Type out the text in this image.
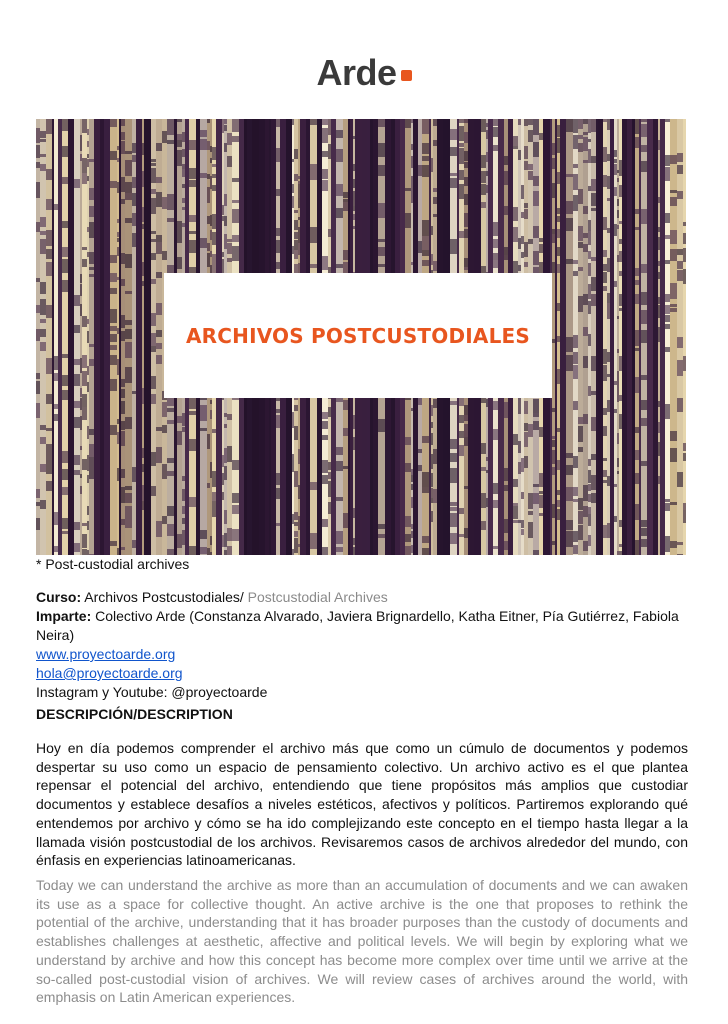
Arde
ARCHIVOS POSTCUSTODIALES
* Post-custodial archives

Curso: Archivos Postcustodiales/ Postcustodial Archives

Imparte: Colectivo Arde (Constanza Alvarado, Javiera Brignardello, Katha Eitner, Pía Gutiérrez, Fabiola Neira)

www.proyectoarde.org

hola@proyectoarde.org

Instagram y Youtube: @proyectoarde

DESCRIPCIÓN/DESCRIPTION

Hoy en día podemos comprender el archivo más que como un cúmulo de documentos y podemos despertar su uso como un espacio de pensamiento colectivo. Un archivo activo es el que plantea repensar el potencial del archivo, entendiendo que tiene propósitos más amplios que custodiar documentos y establece desafíos a niveles estéticos, afectivos y políticos. Partiremos explorando qué entendemos por archivo y cómo se ha ido complejizando este concepto en el tiempo hasta llegar a la llamada visión postcustodial de los archivos. Revisaremos casos de archivos alrededor del mundo, con énfasis en experiencias latinoamericanas.

Today we can understand the archive as more than an accumulation of documents and we can awaken its use as a space for collective thought. An active archive is the one that proposes to rethink the potential of the archive, understanding that it has broader purposes than the custody of documents and establishes challenges at aesthetic, affective and political levels. We will begin by exploring what we understand by archive and how this concept has become more complex over time until we arrive at the so-called post-custodial vision of archives. We will review cases of archives around the world, with emphasis on Latin American experiences.
